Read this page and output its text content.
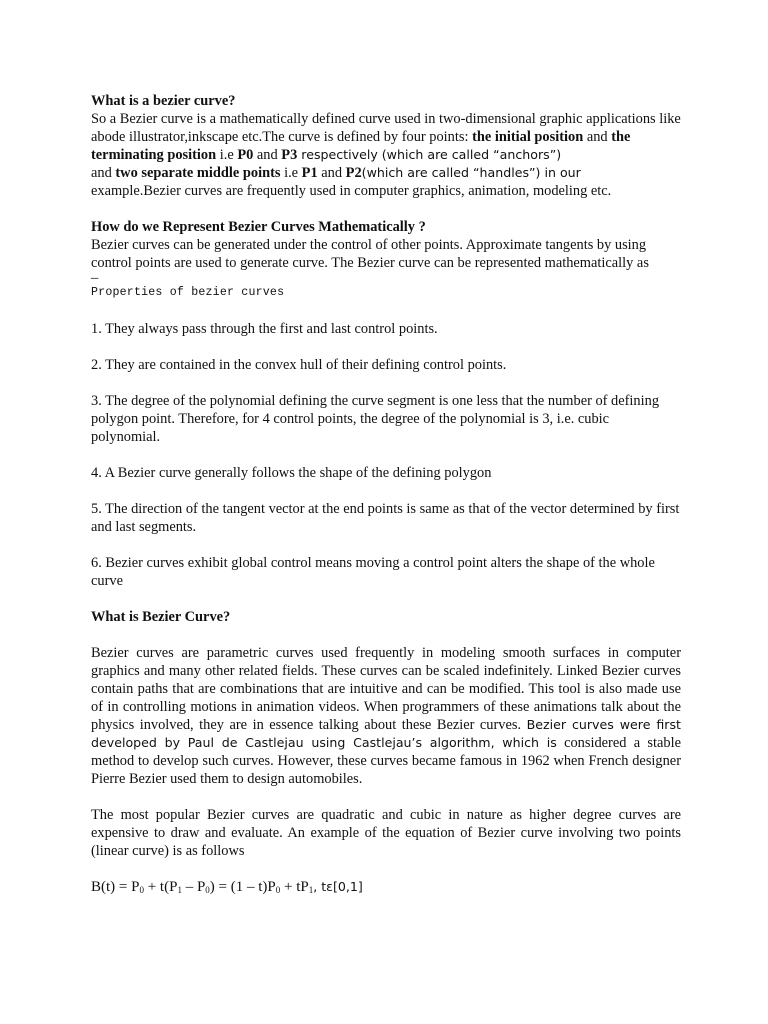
What is a bezier curve?

So a Bezier curve is a mathematically defined curve used in two-dimensional graphic applications like abode illustrator,inkscape etc.The curve is defined by four points: the initial position and the terminating position i.e P0 and P3 respectively (which are called “anchors”)
and two separate middle points i.e P1 and P2(which are called “handles”) in our
example.Bezier curves are frequently used in computer graphics, animation, modeling etc.

How do we Represent Bezier Curves Mathematically ?

Bezier curves can be generated under the control of other points. Approximate tangents by using control points are used to generate curve. The Bezier curve can be represented mathematically as

–

Properties of bezier curves

1. They always pass through the first and last control points.

2. They are contained in the convex hull of their defining control points.

3. The degree of the polynomial defining the curve segment is one less that the number of defining polygon point. Therefore, for 4 control points, the degree of the polynomial is 3, i.e. cubic polynomial.

4. A Bezier curve generally follows the shape of the defining polygon

5. The direction of the tangent vector at the end points is same as that of the vector determined by first and last segments.

6. Bezier curves exhibit global control means moving a control point alters the shape of the whole curve

What is Bezier Curve?

Bezier curves are parametric curves used frequently in modeling smooth surfaces in computer graphics and many other related fields. These curves can be scaled indefinitely. Linked Bezier curves contain paths that are combinations that are intuitive and can be modified. This tool is also made use of in controlling motions in animation videos. When programmers of these animations talk about the physics involved, they are in essence talking about these Bezier curves. Bezier curves were first developed by Paul de Castlejau using Castlejau’s algorithm, which is considered a stable method to develop such curves. However, these curves became famous in 1962 when French designer Pierre Bezier used them to design automobiles.

The most popular Bezier curves are quadratic and cubic in nature as higher degree curves are expensive to draw and evaluate. An example of the equation of Bezier curve involving two points (linear curve) is as follows

$B(t) = P_0 + t(P_1 - P_0) = (1 - t)P_0 + tP_1$, tε[0,1]
